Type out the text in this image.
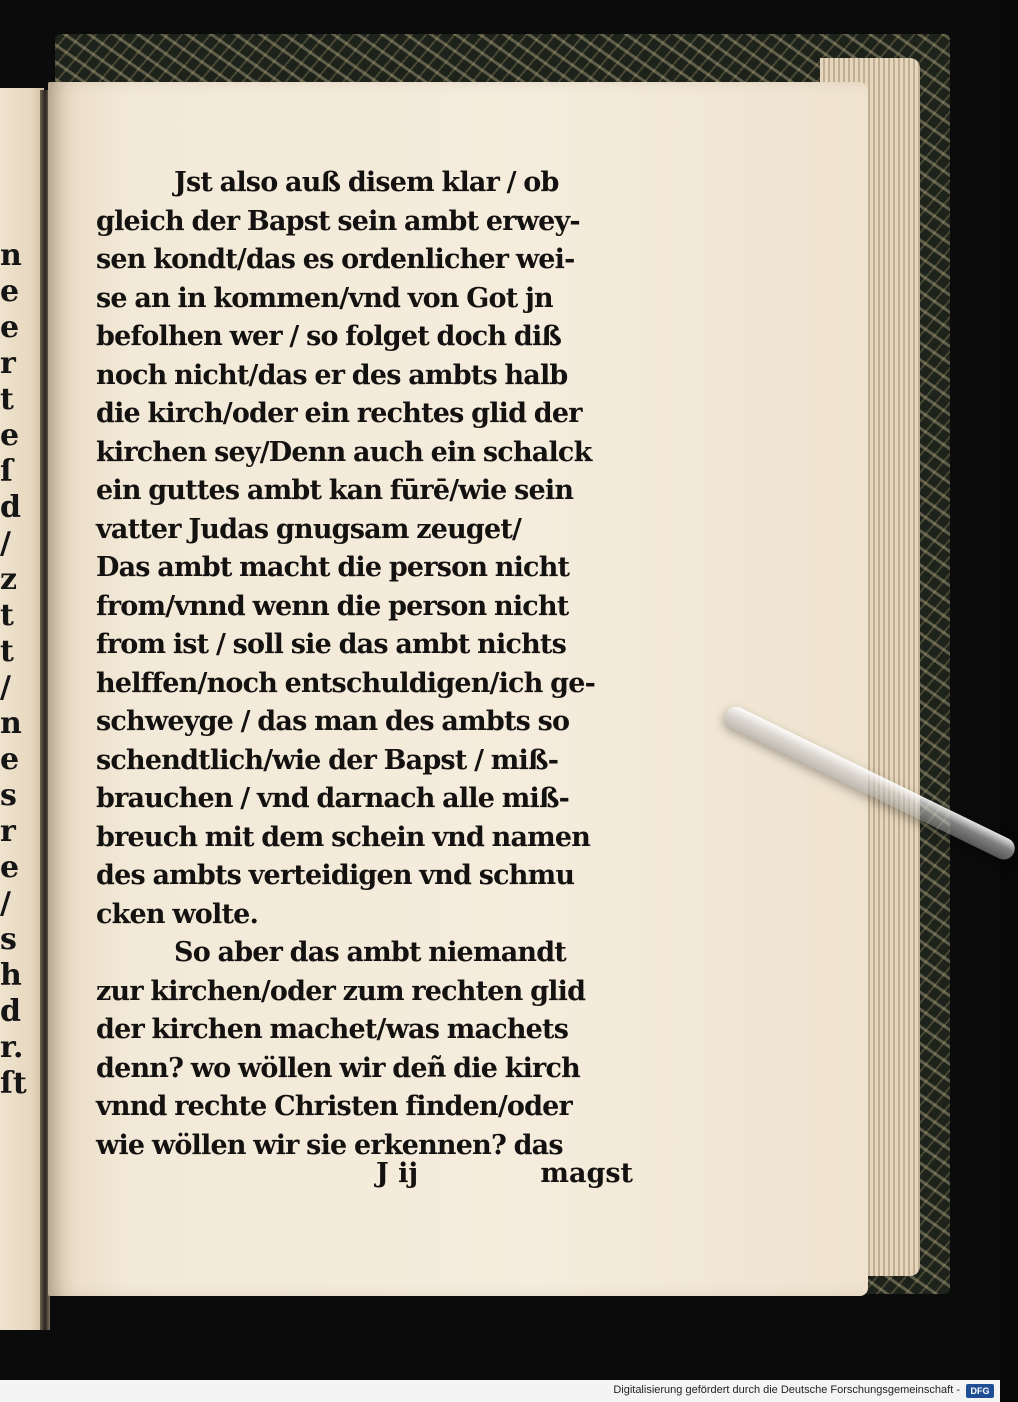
n
e
e
r
t
e
ſ
d
/
z
t
t
/
n
e
s
r
e
/
s
h
d
r.
ſt
Jst also auß disem klar / ob
gleich der Bapst sein ambt erwey‑
sen kondt/das es ordenlicher wei‑
se an in kommen/vnd von Got jn
befolhen wer / so folget doch diß
noch nicht/das er des ambts halb
die kirch/oder ein rechtes glid der
kirchen sey/Denn auch ein schalck
ein guttes ambt kan fūrē/wie sein
vatter Judas gnugsam zeuget/
Das ambt macht die person nicht
from/vnnd wenn die person nicht
from ist / soll sie das ambt nichts
helffen/noch entschuldigen/ich ge‑
schweyge / das man des ambts so
schendtlich/wie der Bapst / miß‑
brauchen / vnd darnach alle miß‑
breuch mit dem schein vnd namen
des ambts verteidigen vnd schmu
cken wolte.
So aber das ambt niemandt
zur kirchen/oder zum rechten glid
der kirchen machet/was machets
denn? wo wöllen wir deñ die kirch
vnnd rechte Christen finden/oder
wie wöllen wir sie erkennen? das
J ij	magst
Digitalisierung gefördert durch die Deutsche Forschungsgemeinschaft -	DFG
